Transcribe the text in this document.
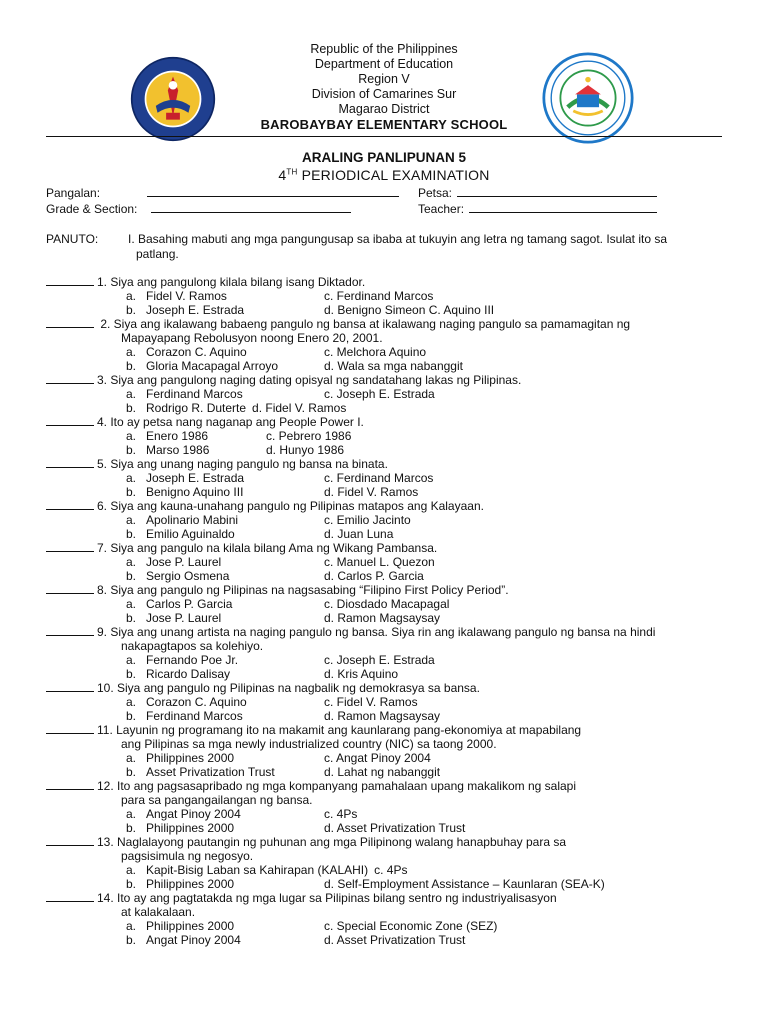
Republic of the Philippines
Department of Education
Region V
Division of Camarines Sur
Magarao District
BAROBAYBAY ELEMENTARY SCHOOL
ARALING PANLIPUNAN 5
4TH PERIODICAL EXAMINATION
Pangalan:	Petsa:
Grade & Section:	Teacher:
PANUTO: I. Basahing mabuti ang mga pangungusap sa ibaba at tukuyin ang letra ng tamang sagot. Isulat ito sa
patlang.
1. Siya ang pangulong kilala bilang isang Diktador.
a. Fidel V. Ramos	c. Ferdinand Marcos
b. Joseph E. Estrada	d. Benigno Simeon C. Aquino III
2. Siya ang ikalawang babaeng pangulo ng bansa at ikalawang naging pangulo sa pamamagitan ng
Mapayapang Rebolusyon noong Enero 20, 2001.
a. Corazon C. Aquino	c. Melchora Aquino
b. Gloria Macapagal Arroyo	d. Wala sa mga nabanggit
3. Siya ang pangulong naging dating opisyal ng sandatahang lakas ng Pilipinas.
a. Ferdinand Marcos	c. Joseph E. Estrada
b. Rodrigo R. Duterte d. Fidel V. Ramos
4. Ito ay petsa nang naganap ang People Power I.
a. Enero 1986	c. Pebrero 1986
b. Marso 1986	d. Hunyo 1986
5. Siya ang unang naging pangulo ng bansa na binata.
a. Joseph E. Estrada	c. Ferdinand Marcos
b. Benigno Aquino III	d. Fidel V. Ramos
6. Siya ang kauna-unahang pangulo ng Pilipinas matapos ang Kalayaan.
a. Apolinario Mabini	c. Emilio Jacinto
b. Emilio Aguinaldo	d. Juan Luna
7. Siya ang pangulo na kilala bilang Ama ng Wikang Pambansa.
a. Jose P. Laurel	c. Manuel L. Quezon
b. Sergio Osmena	d. Carlos P. Garcia
8. Siya ang pangulo ng Pilipinas na nagsasabing “Filipino First Policy Period”.
a. Carlos P. Garcia	c. Diosdado Macapagal
b. Jose P. Laurel	d. Ramon Magsaysay
9. Siya ang unang artista na naging pangulo ng bansa. Siya rin ang ikalawang pangulo ng bansa na hindi
nakapagtapos sa kolehiyo.
a. Fernando Poe Jr.	c. Joseph E. Estrada
b. Ricardo Dalisay	d. Kris Aquino
10. Siya ang pangulo ng Pilipinas na nagbalik ng demokrasya sa bansa.
a. Corazon C. Aquino	c. Fidel V. Ramos
b. Ferdinand Marcos	d. Ramon Magsaysay
11. Layunin ng programang ito na makamit ang kaunlarang pang-ekonomiya at mapabilang
ang Pilipinas sa mga newly industrialized country (NIC) sa taong 2000.
a. Philippines 2000	c. Angat Pinoy 2004
b. Asset Privatization Trust	d. Lahat ng nabanggit
12. Ito ang pagsasapribado ng mga kompanyang pamahalaan upang makalikom ng salapi
para sa pangangailangan ng bansa.
a. Angat Pinoy 2004	c. 4Ps
b. Philippines 2000	d. Asset Privatization Trust
13. Naglalayong pautangin ng puhunan ang mga Pilipinong walang hanapbuhay para sa
pagsisimula ng negosyo.
a. Kapit-Bisig Laban sa Kahirapan (KALAHI) c. 4Ps
b. Philippines 2000	d. Self-Employment Assistance – Kaunlaran (SEA-K)
14. Ito ay ang pagtatakda ng mga lugar sa Pilipinas bilang sentro ng industriyalisasyon
at kalakalaan.
a. Philippines 2000	c. Special Economic Zone (SEZ)
b. Angat Pinoy 2004	d. Asset Privatization Trust
